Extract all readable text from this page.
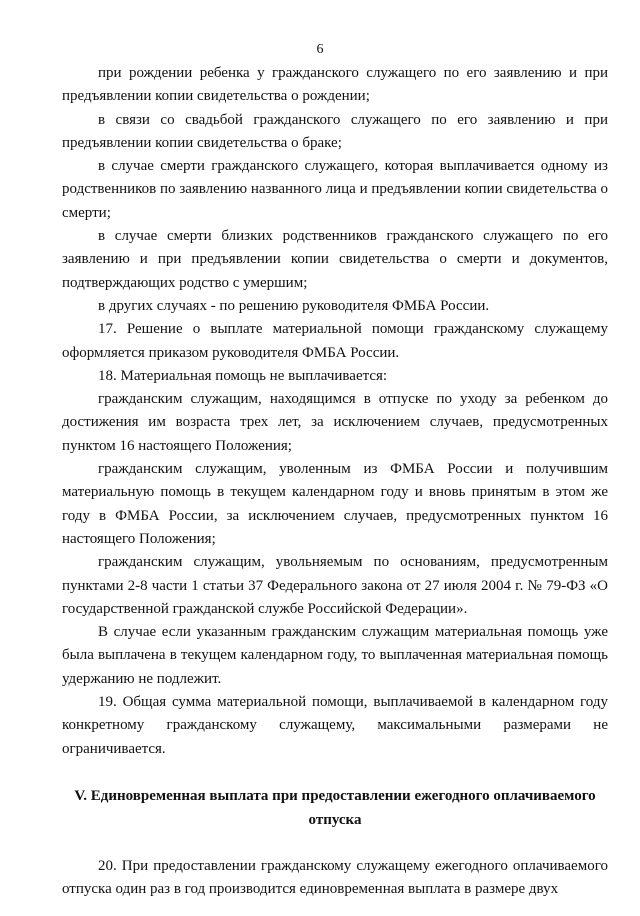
6

при рождении ребенка у гражданского служащего по его заявлению и при предъявлении копии свидетельства о рождении;

в связи со свадьбой гражданского служащего по его заявлению и при предъявлении копии свидетельства о браке;

в случае смерти гражданского служащего, которая выплачивается одному из родственников по заявлению названного лица и предъявлении копии свидетельства о смерти;

в случае смерти близких родственников гражданского служащего по его заявлению и при предъявлении копии свидетельства о смерти и документов, подтверждающих родство с умершим;

в других случаях - по решению руководителя ФМБА России.

17. Решение о выплате материальной помощи гражданскому служащему оформляется приказом руководителя ФМБА России.

18. Материальная помощь не выплачивается:

гражданским служащим, находящимся в отпуске по уходу за ребенком до достижения им возраста трех лет, за исключением случаев, предусмотренных пунктом 16 настоящего Положения;

гражданским служащим, уволенным из ФМБА России и получившим материальную помощь в текущем календарном году и вновь принятым в этом же году в ФМБА России, за исключением случаев, предусмотренных пунктом 16 настоящего Положения;

гражданским служащим, увольняемым по основаниям, предусмотренным пунктами 2-8 части 1 статьи 37 Федерального закона от 27 июля 2004 г. № 79-ФЗ «О государственной гражданской службе Российской Федерации».

В случае если указанным гражданским служащим материальная помощь уже была выплачена в текущем календарном году, то выплаченная материальная помощь удержанию не подлежит.

19. Общая сумма материальной помощи, выплачиваемой в календарном году конкретному гражданскому служащему, максимальными размерами не ограничивается.

V. Единовременная выплата при предоставлении ежегодного оплачиваемого отпуска

20. При предоставлении гражданскому служащему ежегодного оплачиваемого отпуска один раз в год производится единовременная выплата в размере двух
